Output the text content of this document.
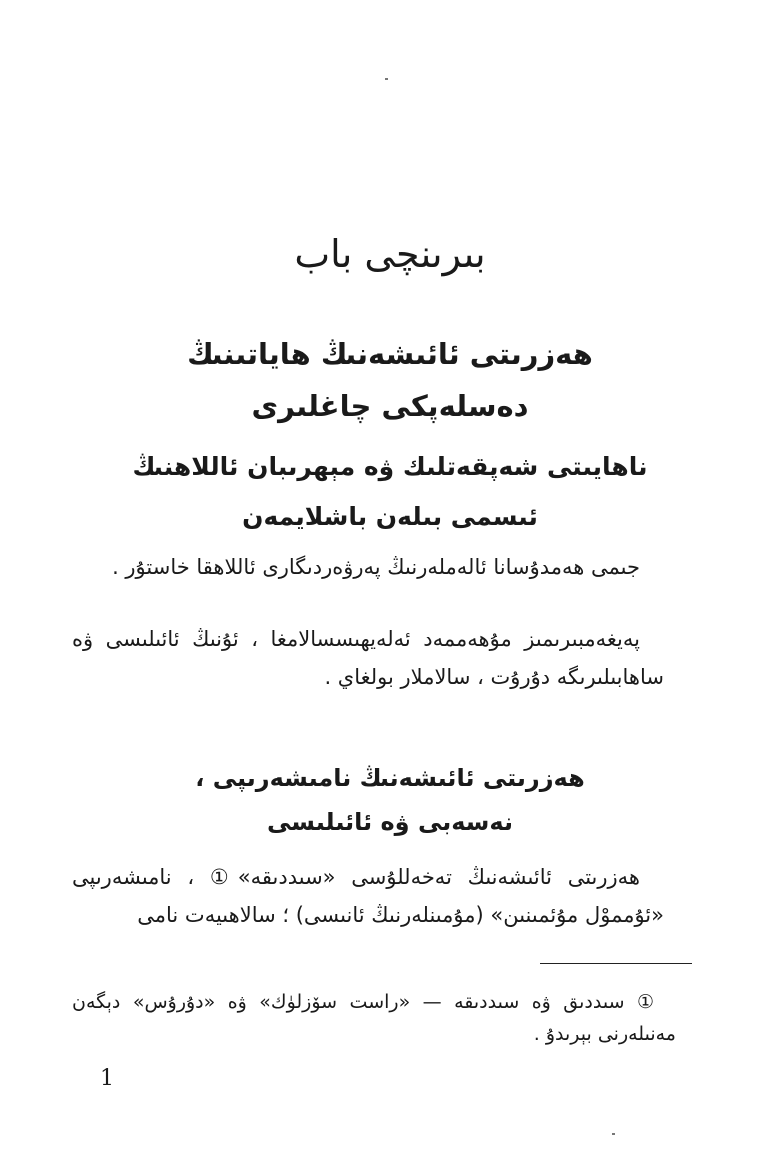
بىرىنچى باب
ھەزرىتى ئائىشەنىڭ ھاياتىنىڭ
دەسلەپكى چاغلىرى
ناھايىتى شەپقەتلىك ۋە مېھرىبان ئاللاھنىڭ
ئىسمى بىلەن باشلايمەن

جىمى ھەمدۇسانا ئالەملەرنىڭ پەرۋەردىگارى ئاللاھقا خاستۇر .

پەيغەمبىرىمىز مۇھەممەد ئەلەيھىسسالامغا ، ئۇنىڭ ئائىلىسى ۋە ساھابىلىرىگە دۇرۇت ، سالاملار بولغاي .

ھەزرىتى ئائىشەنىڭ نامىشەرىپى ،
نەسەبى ۋە ئائىلىسى

ھەزرىتى ئائىشەنىڭ تەخەللۇسى «سىددىقە»① ، نامىشەرىپى «ئۇمموْل مۇئمىنىن» (مۇمىنلەرنىڭ ئانىسى) ؛ سالاھىيەت نامى

① سىددىق ۋە سىددىقە — «راست سۆزلۈك» ۋە «دۇرۇس» دېگەن مەنىلەرنى بېرىدۇ .

1
